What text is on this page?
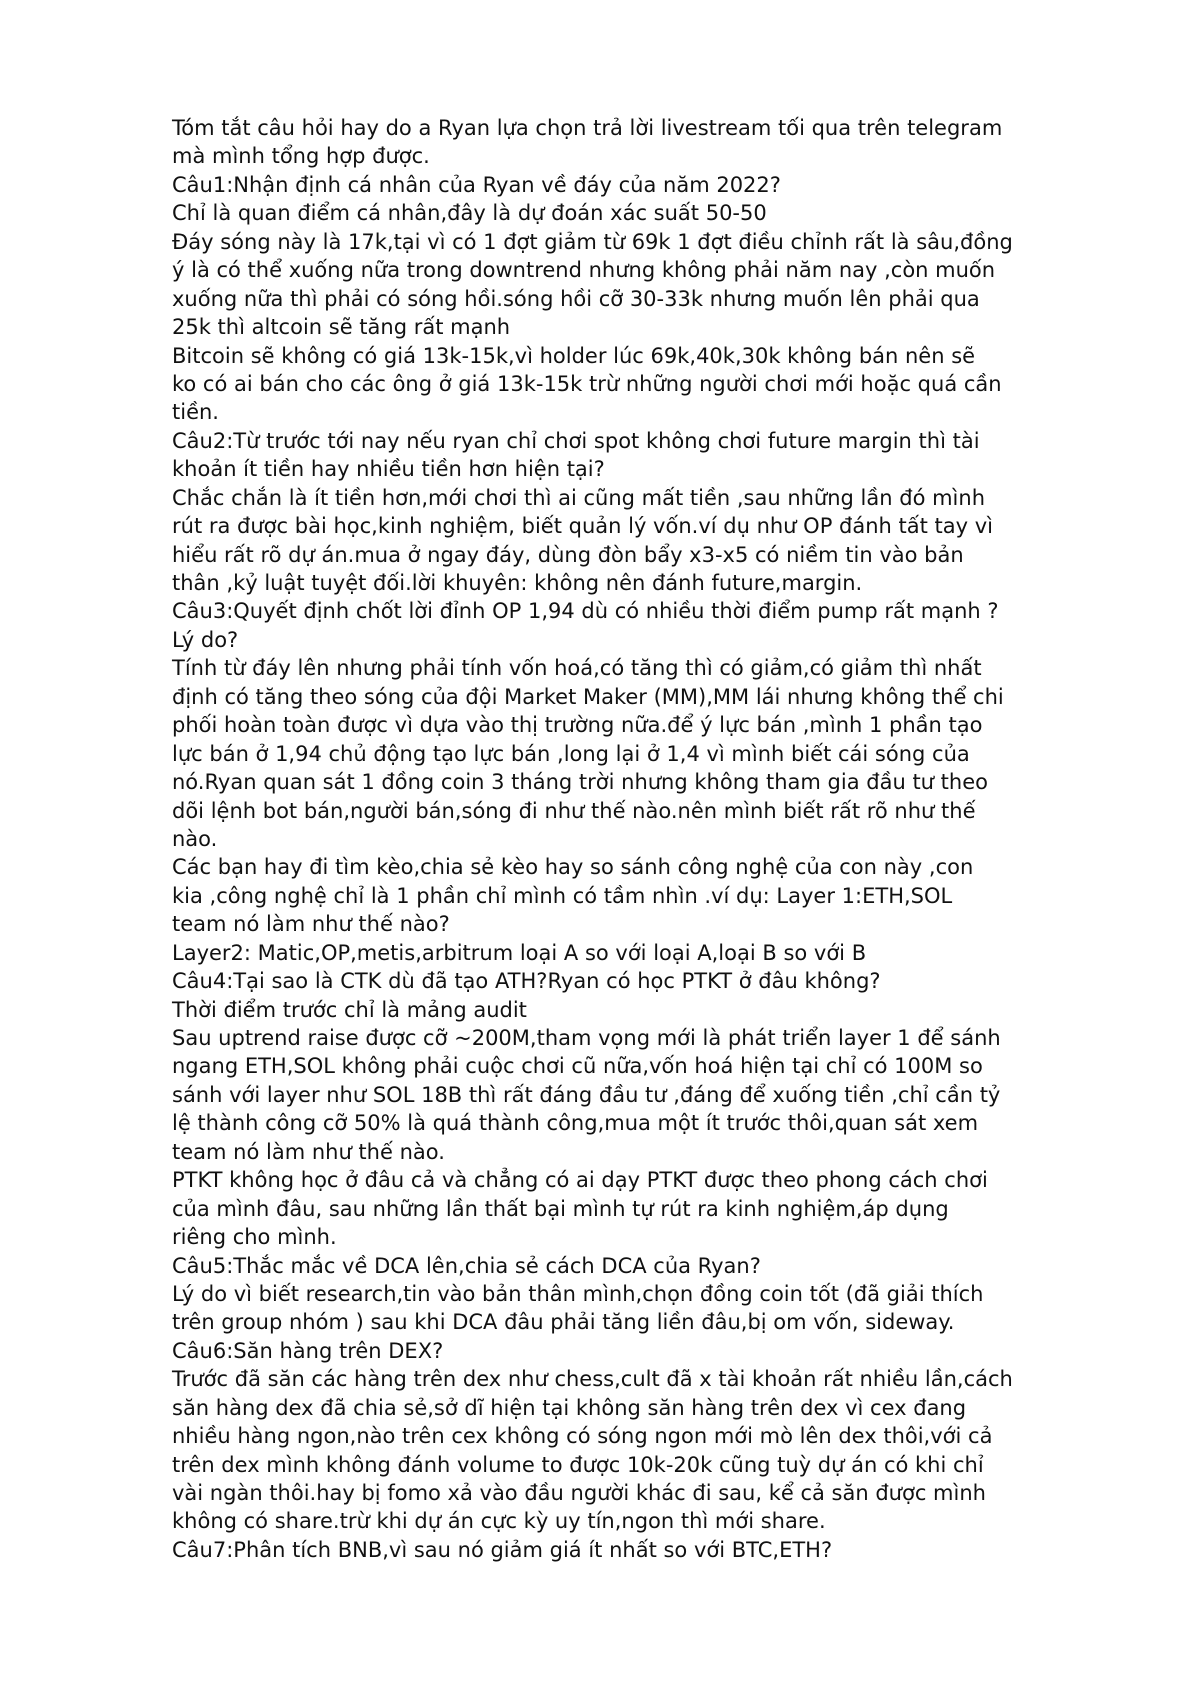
Tóm tắt câu hỏi hay do a Ryan lựa chọn trả lời livestream tối qua trên telegram
mà mình tổng hợp được.
Câu1:Nhận định cá nhân của Ryan về đáy của năm 2022?
Chỉ là quan điểm cá nhân,đây là dự đoán xác suất 50-50
Đáy sóng này là 17k,tại vì có 1 đợt giảm từ 69k 1 đợt điều chỉnh rất là sâu,đồng
ý là có thể xuống nữa trong downtrend nhưng không phải năm nay ,còn muốn
xuống nữa thì phải có sóng hồi.sóng hồi cỡ 30-33k nhưng muốn lên phải qua
25k thì altcoin sẽ tăng rất mạnh
Bitcoin sẽ không có giá 13k-15k,vì holder lúc 69k,40k,30k không bán nên sẽ
ko có ai bán cho các ông ở giá 13k-15k trừ những người chơi mới hoặc quá cần
tiền.
Câu2:Từ trước tới nay nếu ryan chỉ chơi spot không chơi future margin thì tài
khoản ít tiền hay nhiều tiền hơn hiện tại?
Chắc chắn là ít tiền hơn,mới chơi thì ai cũng mất tiền ,sau những lần đó mình
rút ra được bài học,kinh nghiệm, biết quản lý vốn.ví dụ như OP đánh tất tay vì
hiểu rất rõ dự án.mua ở ngay đáy, dùng đòn bẩy x3-x5 có niềm tin vào bản
thân ,kỷ luật tuyệt đối.lời khuyên: không nên đánh future,margin.
Câu3:Quyết định chốt lời đỉnh OP 1,94 dù có nhiều thời điểm pump rất mạnh ?
Lý do?
Tính từ đáy lên nhưng phải tính vốn hoá,có tăng thì có giảm,có giảm thì nhất
định có tăng theo sóng của đội Market Maker (MM),MM lái nhưng không thể chi
phối hoàn toàn được vì dựa vào thị trường nữa.để ý lực bán ,mình 1 phần tạo
lực bán ở 1,94 chủ động tạo lực bán ,long lại ở 1,4 vì mình biết cái sóng của
nó.Ryan quan sát 1 đồng coin 3 tháng trời nhưng không tham gia đầu tư theo
dõi lệnh bot bán,người bán,sóng đi như thế nào.nên mình biết rất rõ như thế
nào.
Các bạn hay đi tìm kèo,chia sẻ kèo hay so sánh công nghệ của con này ,con
kia ,công nghệ chỉ là 1 phần chỉ mình có tầm nhìn .ví dụ: Layer 1:ETH,SOL
team nó làm như thế nào?
Layer2: Matic,OP,metis,arbitrum loại A so với loại A,loại B so với B
Câu4:Tại sao là CTK dù đã tạo ATH?Ryan có học PTKT ở đâu không?
Thời điểm trước chỉ là mảng audit
Sau uptrend raise được cỡ ~200M,tham vọng mới là phát triển layer 1 để sánh
ngang ETH,SOL không phải cuộc chơi cũ nữa,vốn hoá hiện tại chỉ có 100M so
sánh với layer như SOL 18B thì rất đáng đầu tư ,đáng để xuống tiền ,chỉ cần tỷ
lệ thành công cỡ 50% là quá thành công,mua một ít trước thôi,quan sát xem
team nó làm như thế nào.
PTKT không học ở đâu cả và chẳng có ai dạy PTKT được theo phong cách chơi
của mình đâu, sau những lần thất bại mình tự rút ra kinh nghiệm,áp dụng
riêng cho mình.
Câu5:Thắc mắc về DCA lên,chia sẻ cách DCA của Ryan?
Lý do vì biết research,tin vào bản thân mình,chọn đồng coin tốt (đã giải thích
trên group nhóm ) sau khi DCA đâu phải tăng liền đâu,bị om vốn, sideway.
Câu6:Săn hàng trên DEX?
Trước đã săn các hàng trên dex như chess,cult đã x tài khoản rất nhiều lần,cách
săn hàng dex đã chia sẻ,sở dĩ hiện tại không săn hàng trên dex vì cex đang
nhiều hàng ngon,nào trên cex không có sóng ngon mới mò lên dex thôi,với cả
trên dex mình không đánh volume to được 10k-20k cũng tuỳ dự án có khi chỉ
vài ngàn thôi.hay bị fomo xả vào đầu người khác đi sau, kể cả săn được mình
không có share.trừ khi dự án cực kỳ uy tín,ngon thì mới share.
Câu7:Phân tích BNB,vì sau nó giảm giá ít nhất so với BTC,ETH?
